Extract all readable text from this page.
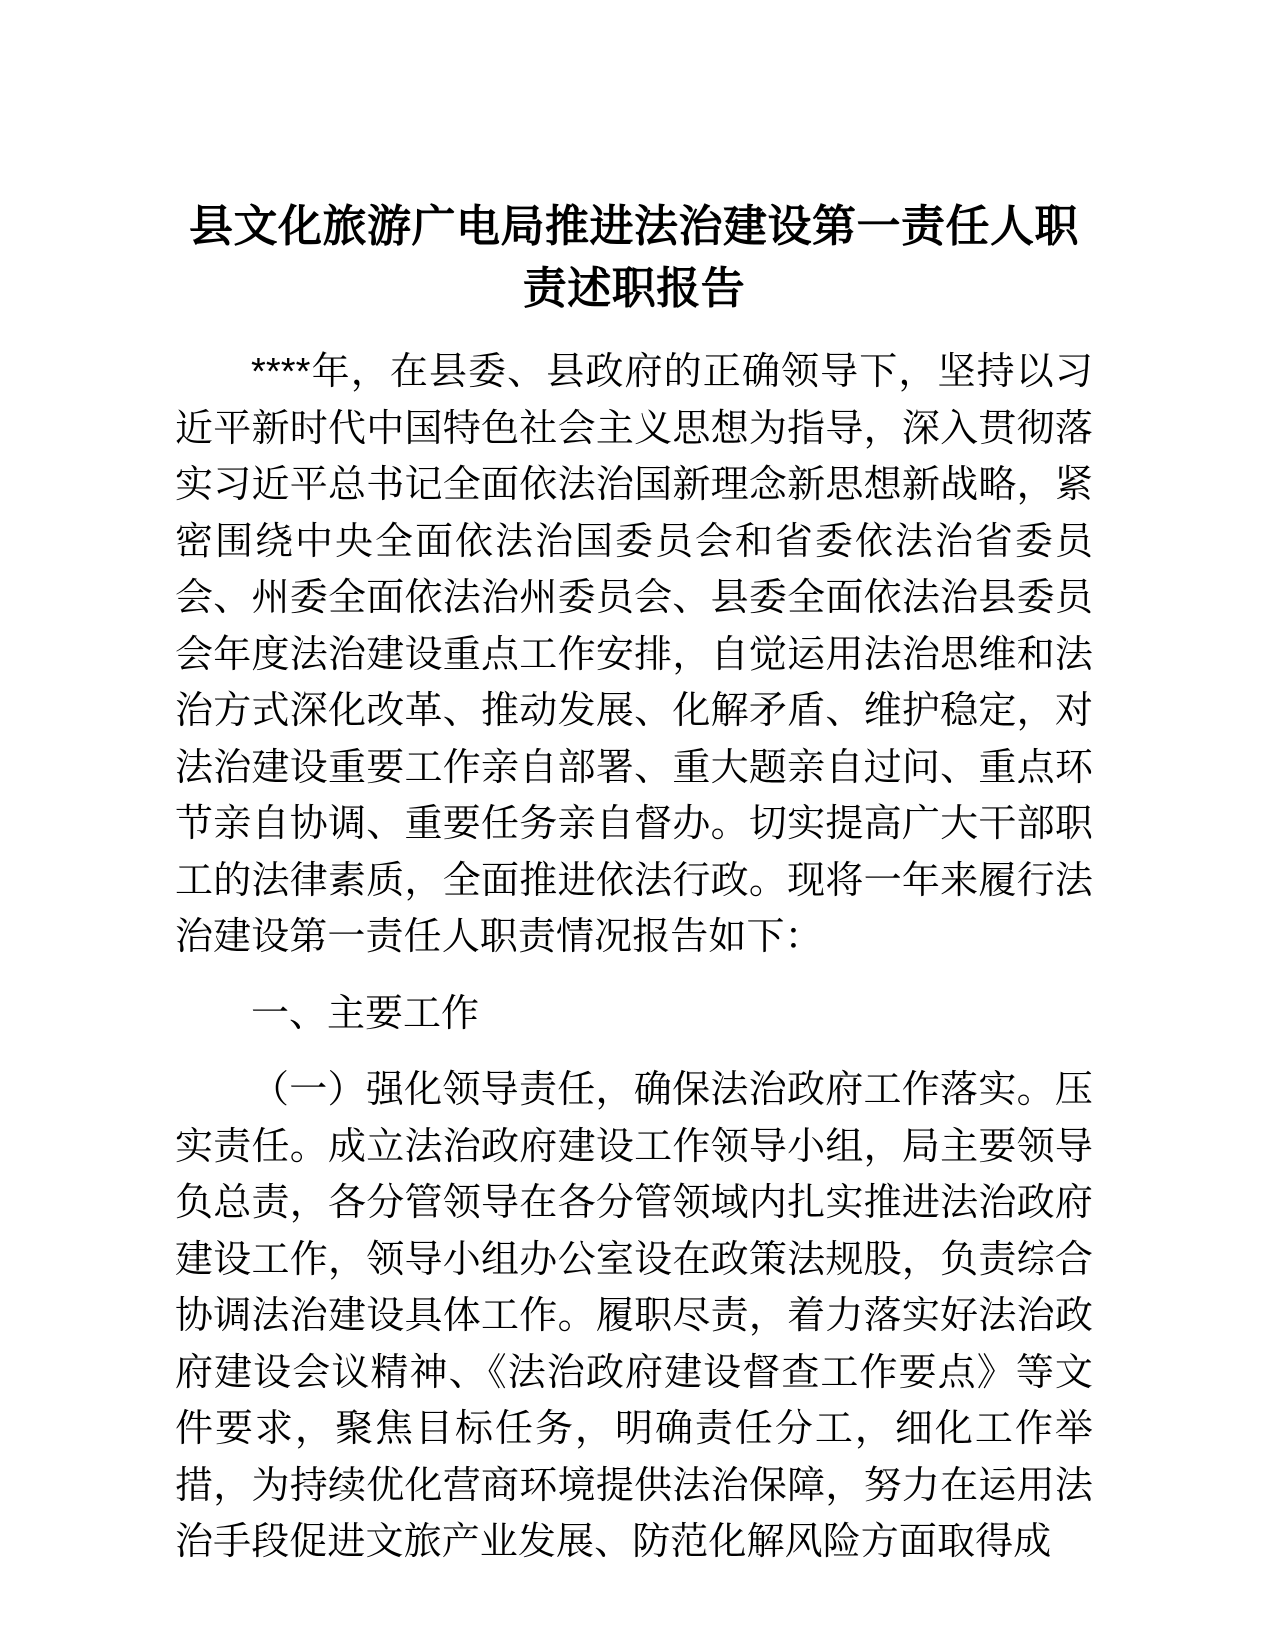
县文化旅游广电局推进法治建设第一责任人职责述职报告

****年，在县委、县政府的正确领导下，坚持以习近平新时代中国特色社会主义思想为指导，深入贯彻落实习近平总书记全面依法治国新理念新思想新战略，紧密围绕中央全面依法治国委员会和省委依法治省委员会、州委全面依法治州委员会、县委全面依法治县委员会年度法治建设重点工作安排，自觉运用法治思维和法治方式深化改革、推动发展、化解矛盾、维护稳定，对法治建设重要工作亲自部署、重大题亲自过问、重点环节亲自协调、重要任务亲自督办。切实提高广大干部职工的法律素质，全面推进依法行政。现将一年来履行法治建设第一责任人职责情况报告如下：

一、主要工作

（一）强化领导责任，确保法治政府工作落实。压实责任。成立法治政府建设工作领导小组，局主要领导负总责，各分管领导在各分管领域内扎实推进法治政府建设工作，领导小组办公室设在政策法规股，负责综合协调法治建设具体工作。履职尽责，着力落实好法治政府建设会议精神、《法治政府建设督查工作要点》等文件要求，聚焦目标任务，明确责任分工，细化工作举措，为持续优化营商环境提供法治保障，努力在运用法治手段促进文旅产业发展、防范化解风险方面取得成
